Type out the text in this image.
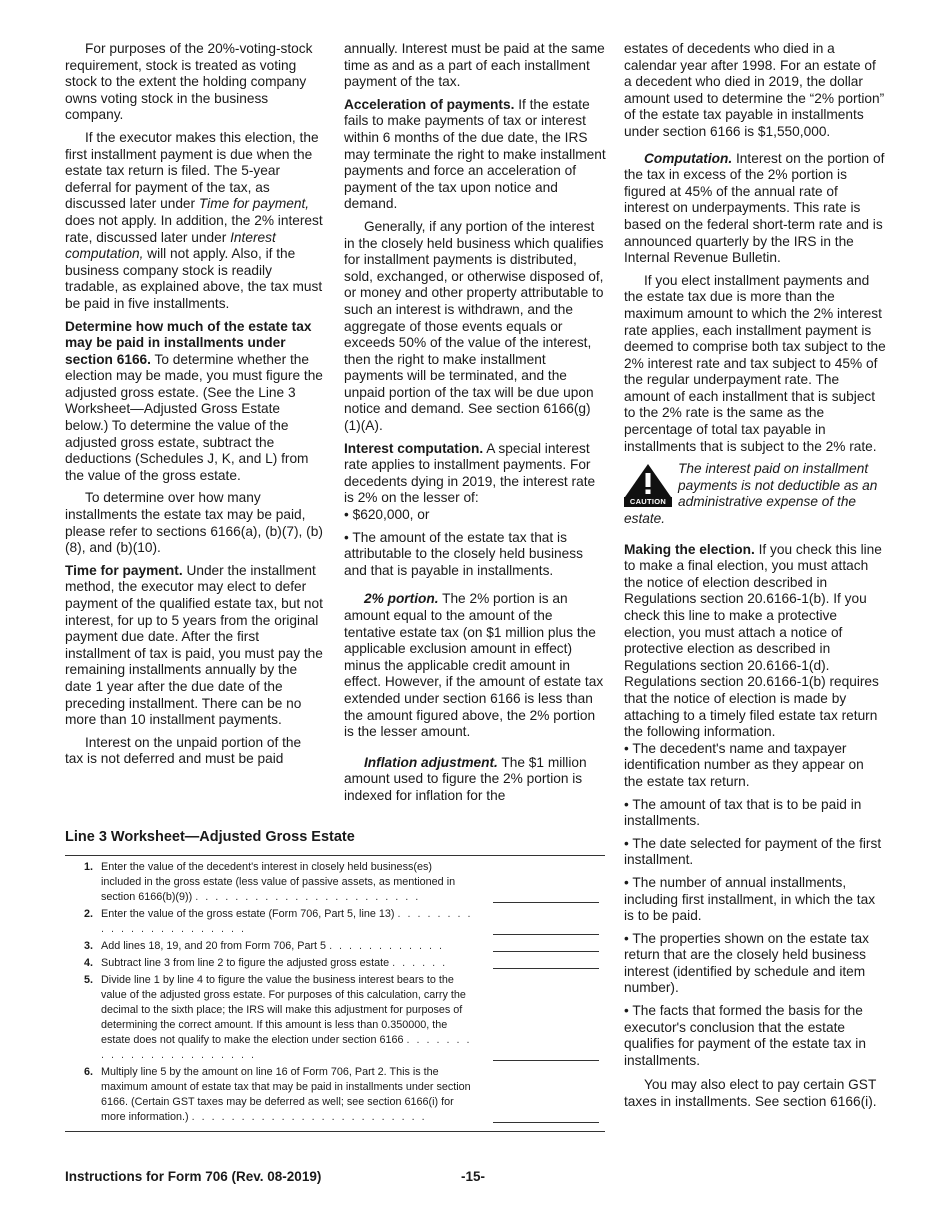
For purposes of the 20%-voting-stock requirement, stock is treated as voting stock to the extent the holding company owns voting stock in the business company.

If the executor makes this election, the first installment payment is due when the estate tax return is filed. The 5-year deferral for payment of the tax, as discussed later under Time for payment, does not apply. In addition, the 2% interest rate, discussed later under Interest computation, will not apply. Also, if the business company stock is readily tradable, as explained above, the tax must be paid in five installments.

Determine how much of the estate tax may be paid in installments under section 6166. To determine whether the election may be made, you must figure the adjusted gross estate. (See the Line 3 Worksheet—Adjusted Gross Estate below.) To determine the value of the adjusted gross estate, subtract the deductions (Schedules J, K, and L) from the value of the gross estate.

To determine over how many installments the estate tax may be paid, please refer to sections 6166(a), (b)(7), (b)(8), and (b)(10).

Time for payment. Under the installment method, the executor may elect to defer payment of the qualified estate tax, but not interest, for up to 5 years from the original payment due date. After the first installment of tax is paid, you must pay the remaining installments annually by the date 1 year after the due date of the preceding installment. There can be no more than 10 installment payments.

Interest on the unpaid portion of the tax is not deferred and must be paid

annually. Interest must be paid at the same time as and as a part of each installment payment of the tax.

Acceleration of payments. If the estate fails to make payments of tax or interest within 6 months of the due date, the IRS may terminate the right to make installment payments and force an acceleration of payment of the tax upon notice and demand.

Generally, if any portion of the interest in the closely held business which qualifies for installment payments is distributed, sold, exchanged, or otherwise disposed of, or money and other property attributable to such an interest is withdrawn, and the aggregate of those events equals or exceeds 50% of the value of the interest, then the right to make installment payments will be terminated, and the unpaid portion of the tax will be due upon notice and demand. See section 6166(g)(1)(A).

Interest computation. A special interest rate applies to installment payments. For decedents dying in 2019, the interest rate is 2% on the lesser of:

• $620,000, or

• The amount of the estate tax that is attributable to the closely held business and that is payable in installments.

2% portion. The 2% portion is an amount equal to the amount of the tentative estate tax (on $1 million plus the applicable exclusion amount in effect) minus the applicable credit amount in effect. However, if the amount of estate tax extended under section 6166 is less than the amount figured above, the 2% portion is the lesser amount.

Inflation adjustment. The $1 million amount used to figure the 2% portion is indexed for inflation for the

estates of decedents who died in a calendar year after 1998. For an estate of a decedent who died in 2019, the dollar amount used to determine the “2% portion” of the estate tax payable in installments under section 6166 is $1,550,000.

Computation. Interest on the portion of the tax in excess of the 2% portion is figured at 45% of the annual rate of interest on underpayments. This rate is based on the federal short-term rate and is announced quarterly by the IRS in the Internal Revenue Bulletin.

If you elect installment payments and the estate tax due is more than the maximum amount to which the 2% interest rate applies, each installment payment is deemed to comprise both tax subject to the 2% interest rate and tax subject to 45% of the regular underpayment rate. The amount of each installment that is subject to the 2% rate is the same as the percentage of total tax payable in installments that is subject to the 2% rate.

CAUTION
The interest paid on installment payments is not deductible as an administrative expense of the estate.

Making the election. If you check this line to make a final election, you must attach the notice of election described in Regulations section 20.6166-1(b). If you check this line to make a protective election, you must attach a notice of protective election as described in Regulations section 20.6166-1(d). Regulations section 20.6166-1(b) requires that the notice of election is made by attaching to a timely filed estate tax return the following information.

• The decedent's name and taxpayer identification number as they appear on the estate tax return.

• The amount of tax that is to be paid in installments.

• The date selected for payment of the first installment.

• The number of annual installments, including first installment, in which the tax is to be paid.

• The properties shown on the estate tax return that are the closely held business interest (identified by schedule and item number).

• The facts that formed the basis for the executor's conclusion that the estate qualifies for payment of the estate tax in installments.

You may also elect to pay certain GST taxes in installments. See section 6166(i).

Line 3 Worksheet—Adjusted Gross Estate
1. Enter the value of the decedent's interest in closely held business(es) included in the gross estate (less value of passive assets, as mentioned in section 6166(b)(9)) . . . . . . . . . . . . . . . . . . . . . . .
2. Enter the value of the gross estate (Form 706, Part 5, line 13) . . . . . . . . . . . . . . . . . . . . . . .
3. Add lines 18, 19, and 20 from Form 706, Part 5 . . . . . . . . . . . .
4. Subtract line 3 from line 2 to figure the adjusted gross estate . . . . . .
5. Divide line 1 by line 4 to figure the value the business interest bears to the value of the adjusted gross estate. For purposes of this calculation, carry the decimal to the sixth place; the IRS will make this adjustment for purposes of determining the correct amount. If this amount is less than 0.350000, the estate does not qualify to make the election under section 6166 . . . . . . . . . . . . . . . . . . . . . . .
6. Multiply line 5 by the amount on line 16 of Form 706, Part 2. This is the maximum amount of estate tax that may be paid in installments under section 6166. (Certain GST taxes may be deferred as well; see section 6166(i) for more information.) . . . . . . . . . . . . . . . . . . . . . . . .
Instructions for Form 706 (Rev. 08-2019)	-15-
